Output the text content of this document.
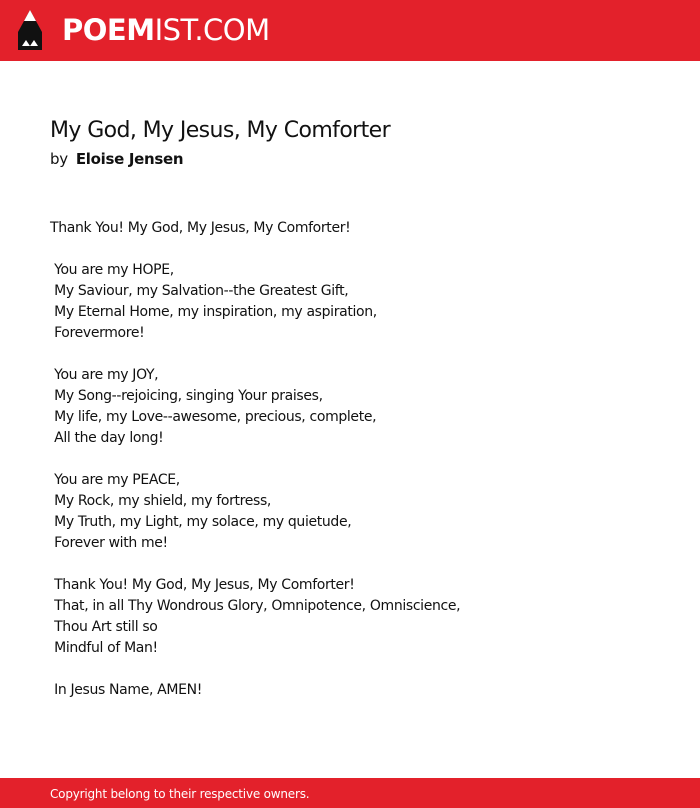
POEMIST.COM
My God, My Jesus, My Comforter
by Eloise Jensen
Thank You! My God, My Jesus, My Comforter!
You are my HOPE,
My Saviour, my Salvation--the Greatest Gift,
My Eternal Home, my inspiration, my aspiration,
Forevermore!
You are my JOY,
My Song--rejoicing, singing Your praises,
My life, my Love--awesome, precious, complete,
All the day long!
You are my PEACE,
My Rock, my shield, my fortress,
My Truth, my Light, my solace, my quietude,
Forever with me!
Thank You! My God, My Jesus, My Comforter!
That, in all Thy Wondrous Glory, Omnipotence, Omniscience,
Thou Art still so
Mindful of Man!
In Jesus Name, AMEN!
Copyright belong to their respective owners.
